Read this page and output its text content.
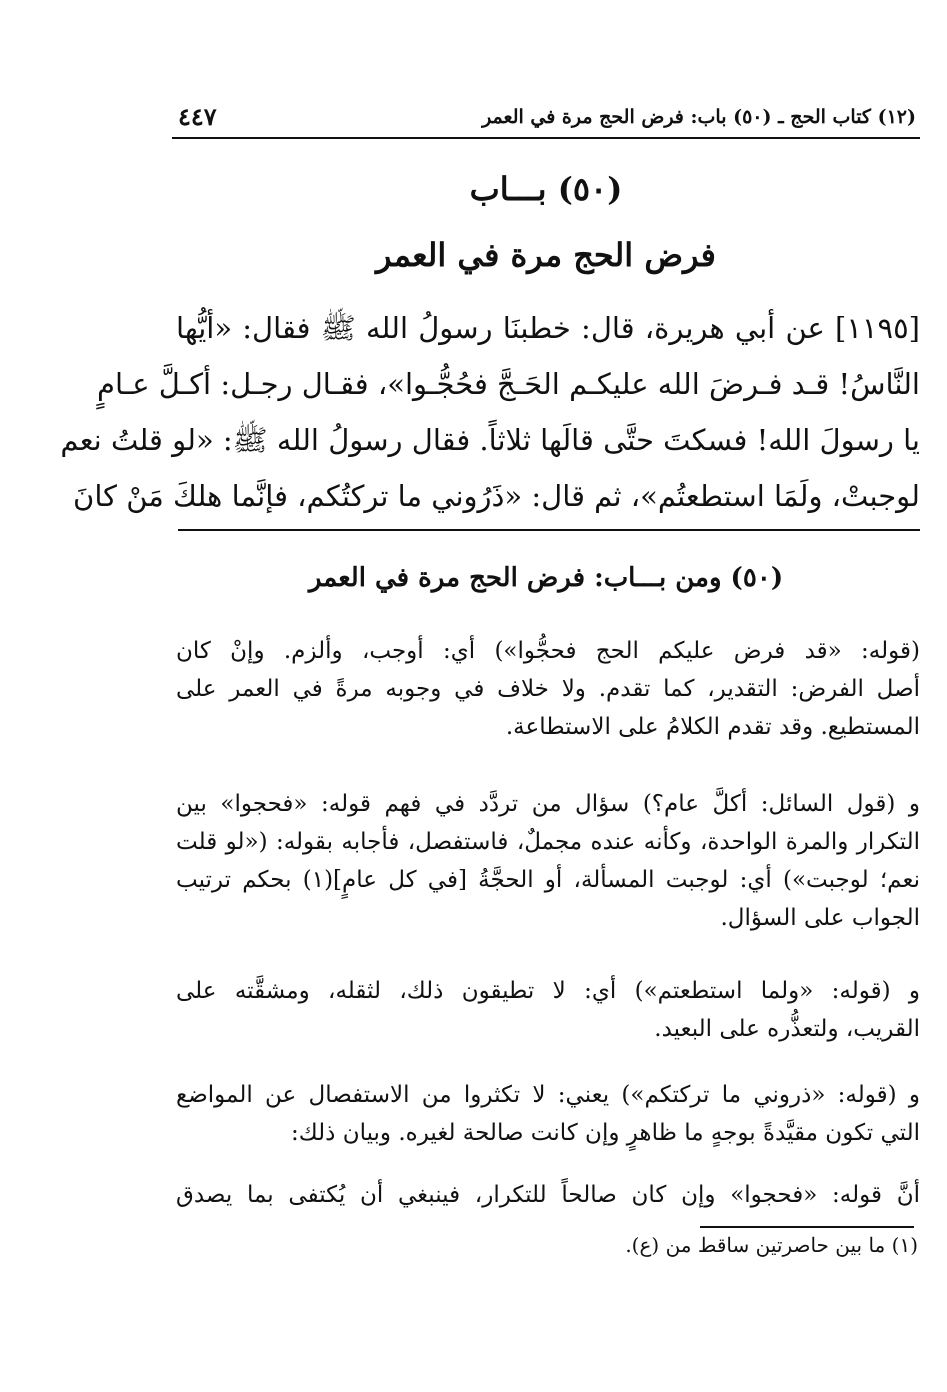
٤٤٧	(١٢) كتاب الحج ـ (٥٠) باب: فرض الحج مرة في العمر
(٥٠) بـــاب
فرض الحج مرة في العمر
[١١٩٥] عن أبي هريرة، قال: خطبنَا رسولُ الله ﷺ فقال: «أيُّها
النَّاسُ! قـد فـرضَ الله عليكـم الحَـجَّ فحُجُّـوا»، فقـال رجـل: أكـلَّ عـامٍ
يا رسولَ الله! فسكتَ حتَّى قالَها ثلاثاً. فقال رسولُ الله ﷺ: «لو قلتُ نعم
لوجبتْ، ولَمَا استطعتُم»، ثم قال: «ذَرُوني ما تركتُكم، فإنَّما هلكَ مَنْ كانَ
(٥٠) ومن بـــاب: فرض الحج مرة في العمر
(قوله: «قد فرض عليكم الحج فحجُّوا») أي: أوجب، وألزم. وإنْ كان
أصل الفرض: التقدير، كما تقدم. ولا خلاف في وجوبه مرةً في العمر على
المستطيع. وقد تقدم الكلامُ على الاستطاعة.
و (قول السائل: أكلَّ عام؟) سؤال من تردَّد في فهم قوله: «فحجوا» بين
التكرار والمرة الواحدة، وكأنه عنده مجملٌ، فاستفصل، فأجابه بقوله: («لو قلت
نعم؛ لوجبت») أي: لوجبت المسألة، أو الحجَّةُ [في كل عامٍ](١) بحكم ترتيب
الجواب على السؤال.
و (قوله: «ولما استطعتم») أي: لا تطيقون ذلك، لثقله، ومشقَّته على
القريب، ولتعذُّره على البعيد.
و (قوله: «ذروني ما تركتكم») يعني: لا تكثروا من الاستفصال عن المواضع
التي تكون مقيَّدةً بوجهٍ ما ظاهرٍ وإن كانت صالحة لغيره. وبيان ذلك:
أنَّ قوله: «فحجوا» وإن كان صالحاً للتكرار، فينبغي أن يُكتفى بما يصدق
(١) ما بين حاصرتين ساقط من (ع).
